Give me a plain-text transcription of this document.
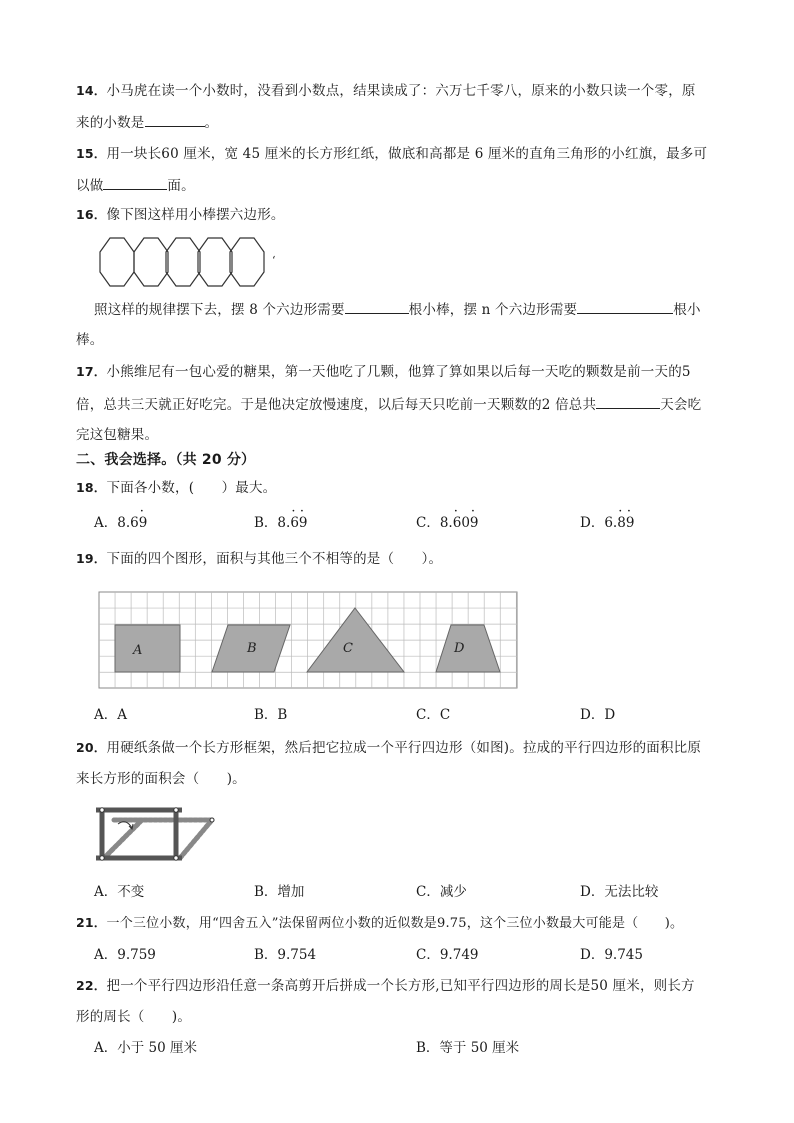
14．小马虎在读一个小数时，没看到小数点，结果读成了：六万七千零八，原来的小数只读一个零，原
来的小数是	。
15．用一块长60 厘米，宽 45 厘米的长方形红纸，做底和高都是 6 厘米的直角三角形的小红旗，最多可
以做	面。
16．像下图这样用小棒摆六边形。
‘
照这样的规律摆下去，摆 8 个六边形需要	根小棒，摆 n 个六边形需要	根小
棒。
17．小熊维尼有一包心爱的糖果，第一天他吃了几颗，他算了算如果以后每一天吃的颗数是前一天的5
倍，总共三天就正好吃完。于是他决定放慢速度，以后每天只吃前一天颗数的2 倍总共	天会吃
完这包糖果。
二、我会选择。（共 20 分）
18．下面各小数，(　　）最大。
A．8.6· 9	B．8.· 6· 9	C．8.· 60· 9	D．6.· 8· 9
19．下面的四个图形，面积与其他三个不相等的是（　　）。
A	B	C	D
A．A	B．B	C．C	D．D
20．用硬纸条做一个长方形框架，然后把它拉成一个平行四边形（如图)。拉成的平行四边形的面积比原
来长方形的面积会（　　)。
A．不变	B．增加	C．减少	D．无法比较
21．一个三位小数，用“四舍五入”法保留两位小数的近似数是9.75，这个三位小数最大可能是（　　)。
A．9.759	B．9.754	C．9.749	D．9.745
22．把一个平行四边形沿任意一条高剪开后拼成一个长方形,已知平行四边形的周长是50 厘米，则长方
形的周长（　　)。
A．小于 50 厘米	B．等于 50 厘米
